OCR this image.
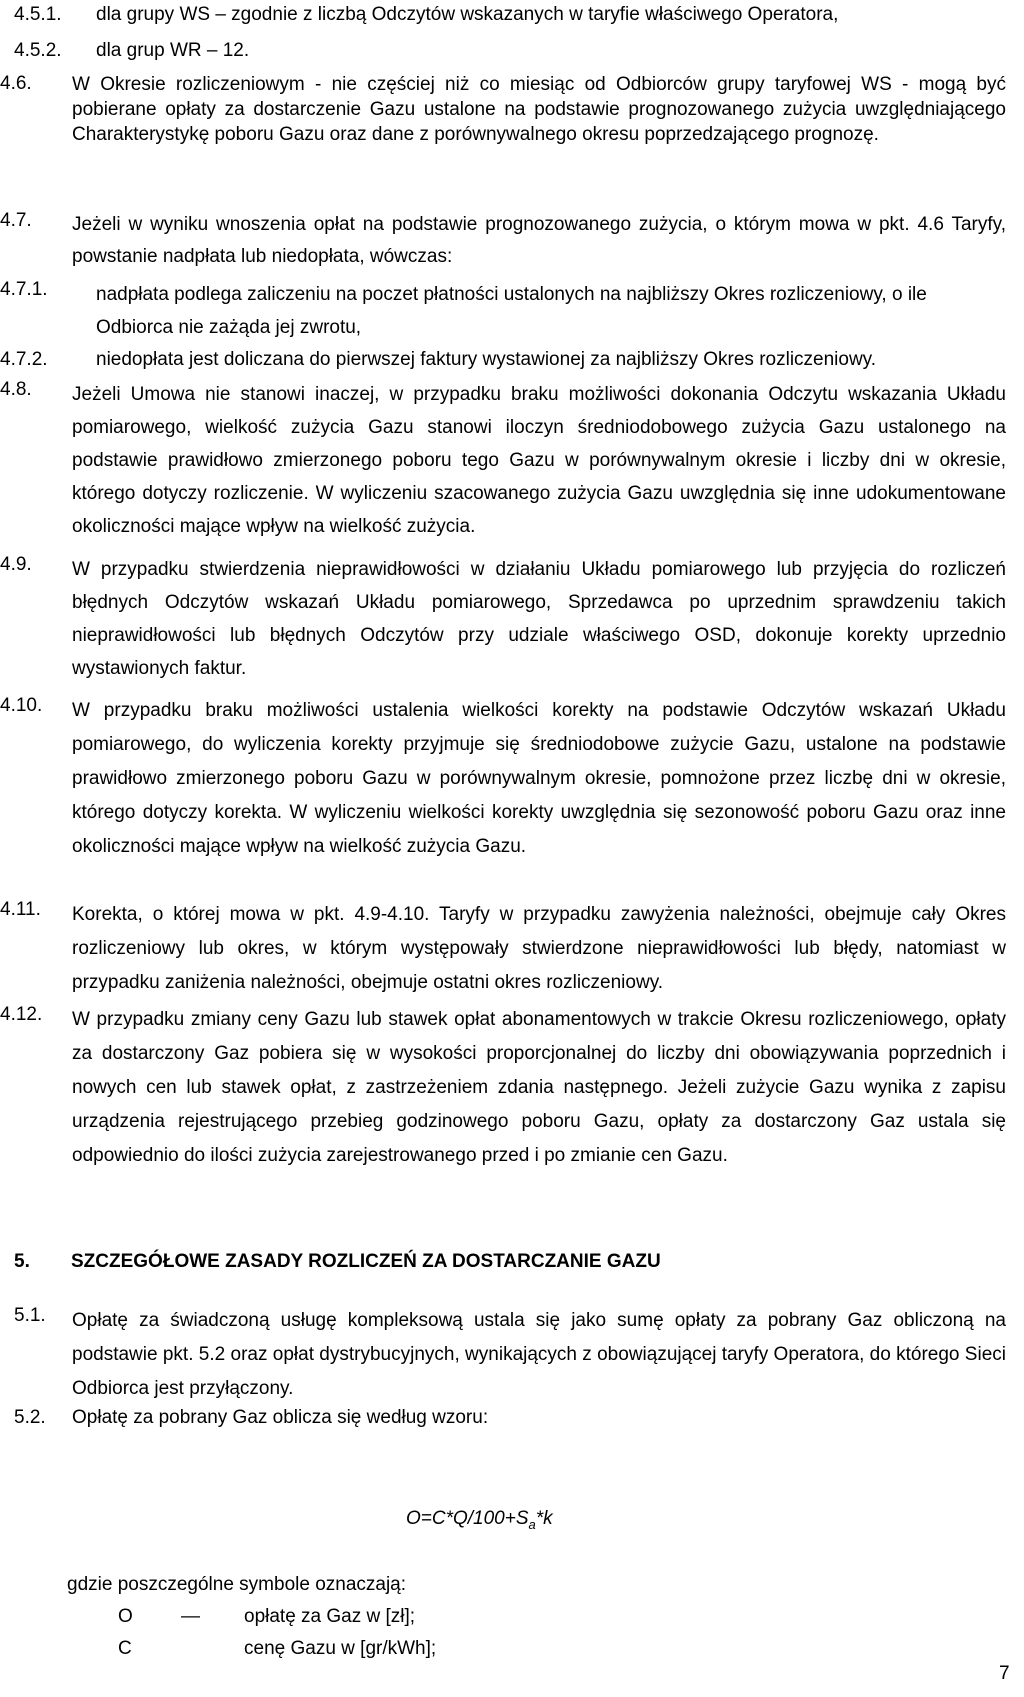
4.5.1. dla grupy WS – zgodnie z liczbą Odczytów wskazanych w taryfie właściwego Operatora,
4.5.2. dla grup WR – 12.
4.6. W Okresie rozliczeniowym - nie częściej niż co miesiąc od Odbiorców grupy taryfowej WS - mogą być pobierane opłaty za dostarczenie Gazu ustalone na podstawie prognozowanego zużycia uwzględniającego Charakterystykę poboru Gazu oraz dane z porównywalnego okresu poprzedzającego prognozę.
4.7. Jeżeli w wyniku wnoszenia opłat na podstawie prognozowanego zużycia, o którym mowa w pkt. 4.6 Taryfy, powstanie nadpłata lub niedopłata, wówczas:
4.7.1.	nadpłata podlega zaliczeniu na poczet płatności ustalonych na najbliższy Okres rozliczeniowy, o ile Odbiorca nie zażąda jej zwrotu,
4.7.2.	niedopłata jest doliczana do pierwszej faktury wystawionej za najbliższy Okres rozliczeniowy.
4.8. Jeżeli Umowa nie stanowi inaczej, w przypadku braku możliwości dokonania Odczytu wskazania Układu pomiarowego, wielkość zużycia Gazu stanowi iloczyn średniodobowego zużycia Gazu ustalonego na podstawie prawidłowo zmierzonego poboru tego Gazu w porównywalnym okresie i liczby dni w okresie, którego dotyczy rozliczenie. W wyliczeniu szacowanego zużycia Gazu uwzględnia się inne udokumentowane okoliczności mające wpływ na wielkość zużycia.
4.9. W przypadku stwierdzenia nieprawidłowości w działaniu Układu pomiarowego lub przyjęcia do rozliczeń błędnych Odczytów wskazań Układu pomiarowego, Sprzedawca po uprzednim sprawdzeniu takich nieprawidłowości lub błędnych Odczytów przy udziale właściwego OSD, dokonuje korekty uprzednio wystawionych faktur.
4.10. W przypadku braku możliwości ustalenia wielkości korekty na podstawie Odczytów wskazań Układu pomiarowego, do wyliczenia korekty przyjmuje się średniodobowe zużycie Gazu, ustalone na podstawie prawidłowo zmierzonego poboru Gazu w porównywalnym okresie, pomnożone przez liczbę dni w okresie, którego dotyczy korekta. W wyliczeniu wielkości korekty uwzględnia się sezonowość poboru Gazu oraz inne okoliczności mające wpływ na wielkość zużycia Gazu.
4.11. Korekta, o której mowa w pkt. 4.9-4.10. Taryfy w przypadku zawyżenia należności, obejmuje cały Okres rozliczeniowy lub okres, w którym występowały stwierdzone nieprawidłowości lub błędy, natomiast w przypadku zaniżenia należności, obejmuje ostatni okres rozliczeniowy.
4.12. W przypadku zmiany ceny Gazu lub stawek opłat abonamentowych w trakcie Okresu rozliczeniowego, opłaty za dostarczony Gaz pobiera się w wysokości proporcjonalnej do liczby dni obowiązywania poprzednich i nowych cen lub stawek opłat, z zastrzeżeniem zdania następnego. Jeżeli zużycie Gazu wynika z zapisu urządzenia rejestrującego przebieg godzinowego poboru Gazu, opłaty za dostarczony Gaz ustala się odpowiednio do ilości zużycia zarejestrowanego przed i po zmianie cen Gazu.
5. SZCZEGÓŁOWE ZASADY ROZLICZEŃ ZA DOSTARCZANIE GAZU
5.1. Opłatę za świadczoną usługę kompleksową ustala się jako sumę opłaty za pobrany Gaz obliczoną na podstawie pkt. 5.2 oraz opłat dystrybucyjnych, wynikających z obowiązującej taryfy Operatora, do którego Sieci Odbiorca jest przyłączony.
5.2. Opłatę za pobrany Gaz oblicza się według wzoru:
$O=C*Q/100+S_a*k$
gdzie poszczególne symbole oznaczają:
O	— opłatę za Gaz w [zł];
C	cenę Gazu w [gr/kWh];
7
